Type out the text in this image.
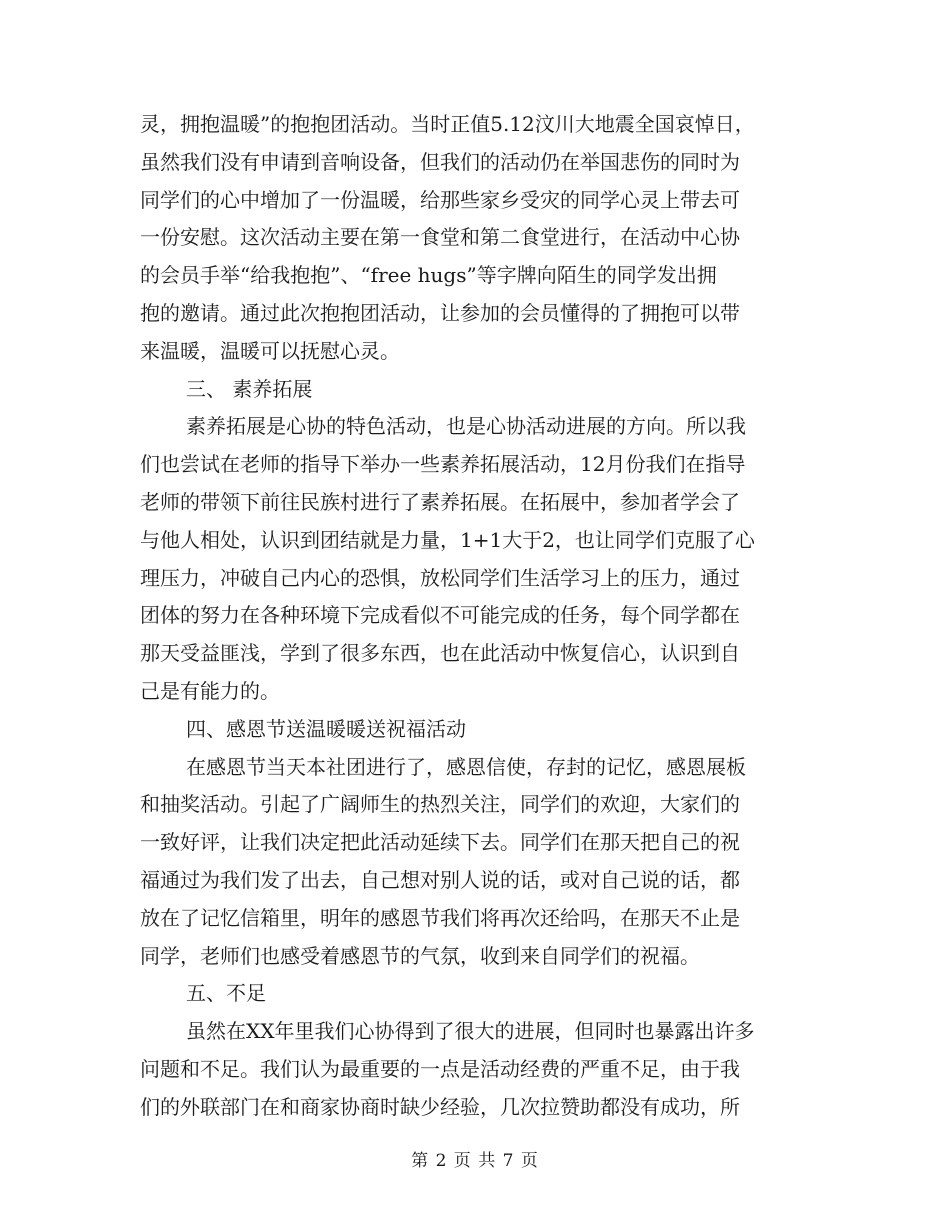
灵，拥抱温暖”的抱抱团活动。当时正值5.12汶川大地震全国哀悼日，
虽然我们没有申请到音响设备，但我们的活动仍在举国悲伤的同时为
同学们的心中增加了一份温暖，给那些家乡受灾的同学心灵上带去可
一份安慰。这次活动主要在第一食堂和第二食堂进行，在活动中心协
的会员手举“给我抱抱”、“free hugs”等字牌向陌生的同学发出拥
抱的邀请。通过此次抱抱团活动，让参加的会员懂得的了拥抱可以带
来温暖，温暖可以抚慰心灵。
三、 素养拓展
素养拓展是心协的特色活动，也是心协活动进展的方向。所以我
们也尝试在老师的指导下举办一些素养拓展活动，12月份我们在指导
老师的带领下前往民族村进行了素养拓展。在拓展中，参加者学会了
与他人相处，认识到团结就是力量，1+1大于2，也让同学们克服了心
理压力，冲破自己内心的恐惧，放松同学们生活学习上的压力，通过
团体的努力在各种环境下完成看似不可能完成的任务，每个同学都在
那天受益匪浅，学到了很多东西，也在此活动中恢复信心，认识到自
己是有能力的。
四、感恩节送温暖暖送祝福活动
在感恩节当天本社团进行了，感恩信使，存封的记忆，感恩展板
和抽奖活动。引起了广阔师生的热烈关注，同学们的欢迎，大家们的
一致好评，让我们决定把此活动延续下去。同学们在那天把自己的祝
福通过为我们发了出去，自己想对别人说的话，或对自己说的话，都
放在了记忆信箱里，明年的感恩节我们将再次还给吗，在那天不止是
同学，老师们也感受着感恩节的气氛，收到来自同学们的祝福。
五、不足
虽然在XX年里我们心协得到了很大的进展，但同时也暴露出许多
问题和不足。我们认为最重要的一点是活动经费的严重不足，由于我
们的外联部门在和商家协商时缺少经验，几次拉赞助都没有成功，所
第 2 页 共 7 页
